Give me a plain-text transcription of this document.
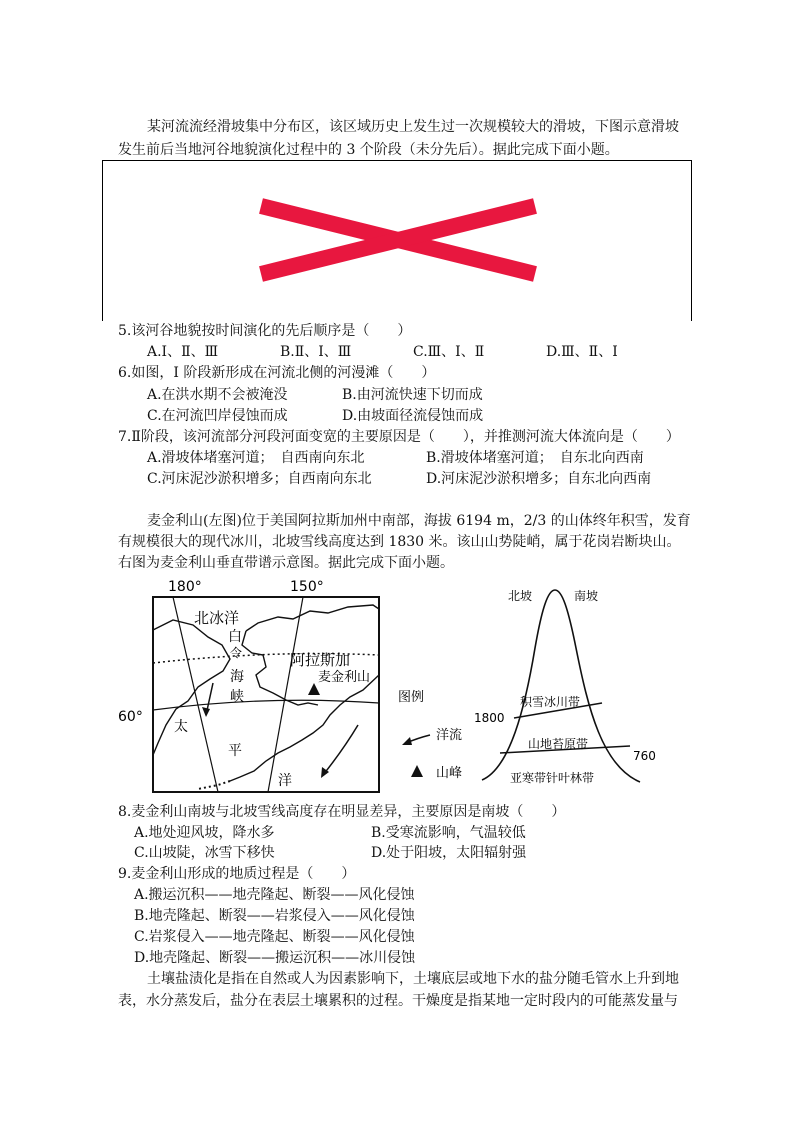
某河流流经滑坡集中分布区，该区域历史上发生过一次规模较大的滑坡，下图示意滑坡
发生前后当地河谷地貌演化过程中的 3 个阶段（未分先后）。据此完成下面小题。
5.该河谷地貌按时间演化的先后顺序是（　　）
A.Ⅰ、Ⅱ、Ⅲ	B.Ⅱ、Ⅰ、Ⅲ	C.Ⅲ、Ⅰ、Ⅱ	D.Ⅲ、Ⅱ、Ⅰ
6.如图，I 阶段新形成在河流北侧的河漫滩（　　）
A.在洪水期不会被淹没	B.由河流快速下切而成
C.在河流凹岸侵蚀而成	D.由坡面径流侵蚀而成
7.Ⅱ阶段，该河流部分河段河面变宽的主要原因是（　　），并推测河流大体流向是（　　）
A.滑坡体堵塞河道；　自西南向东北	B.滑坡体堵塞河道；　自东北向西南
C.河床泥沙淤积增多；自西南向东北	D.河床泥沙淤积增多；自东北向西南
麦金利山(左图)位于美国阿拉斯加州中南部，海拔 6194 m，2/3 的山体终年积雪，发育
有规模很大的现代冰川，北坡雪线高度达到 1830 米。该山山势陡峭，属于花岗岩断块山。
右图为麦金利山垂直带谱示意图。据此完成下面小题。
180°	150°
60°
北冰洋
白
令
海
峡
阿拉斯加
麦金利山
太
平
洋
图例
洋流
山峰
北坡	南坡
积雪冰川带
山地苔原带
亚寒带针叶林带
1800
760
8.麦金利山南坡与北坡雪线高度存在明显差异，主要原因是南坡（　　）
A.地处迎风坡，降水多	B.受寒流影响，气温较低
C.山坡陡，冰雪下移快	D.处于阳坡，太阳辐射强
9.麦金利山形成的地质过程是（　　）
A.搬运沉积——地壳隆起、断裂——风化侵蚀
B.地壳隆起、断裂——岩浆侵入——风化侵蚀
C.岩浆侵入——地壳隆起、断裂——风化侵蚀
D.地壳隆起、断裂——搬运沉积——冰川侵蚀
土壤盐渍化是指在自然或人为因素影响下，土壤底层或地下水的盐分随毛管水上升到地
表，水分蒸发后，盐分在表层土壤累积的过程。干燥度是指某地一定时段内的可能蒸发量与
